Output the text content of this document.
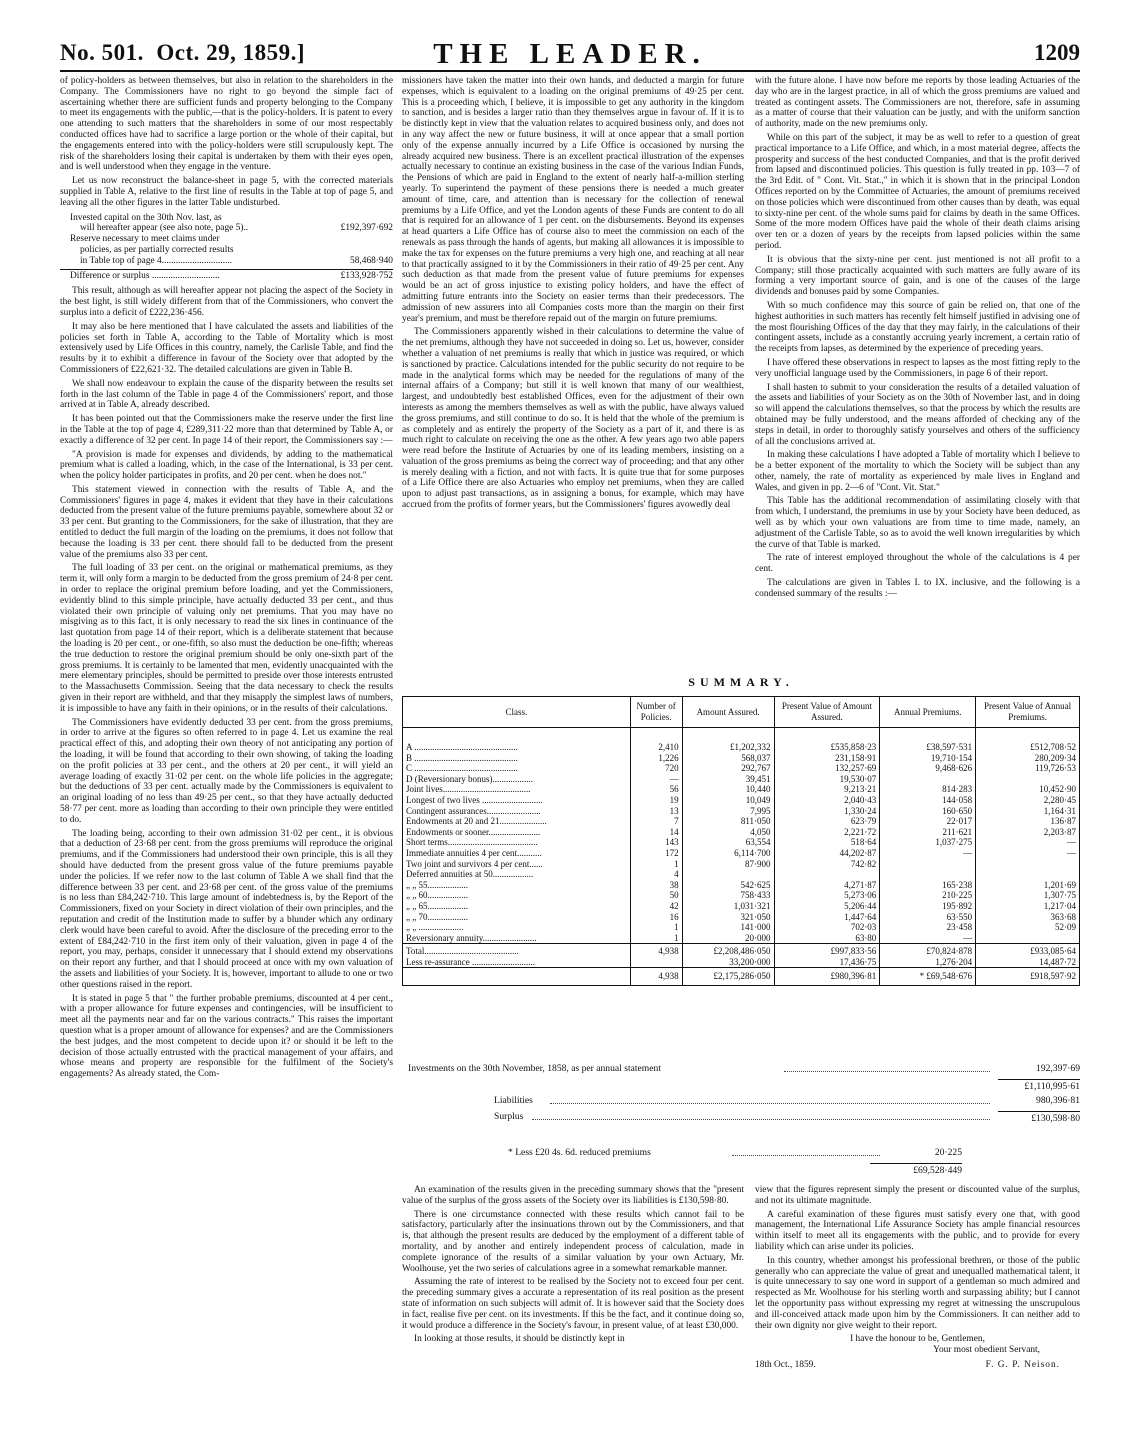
No. 501. Oct. 29, 1859.]	THE LEADER.	1209

of policy-holders as between themselves, but also in relation to the shareholders in the Company. The Commissioners have no right to go beyond the simple fact of ascertaining whether there are sufficient funds and property belonging to the Company to meet its engagements with the public,—that is the policy-holders. It is patent to every one attending to such matters that the shareholders in some of our most respectably conducted offices have had to sacrifice a large portion or the whole of their capital, but the engagements entered into with the policy-holders were still scrupulously kept. The risk of the shareholders losing their capital is undertaken by them with their eyes open, and is well understood when they engage in the venture.

Let us now reconstruct the balance-sheet in page 5, with the corrected materials supplied in Table A, relative to the first line of results in the Table at top of page 5, and leaving all the other figures in the latter Table undisturbed.

Invested capital on the 30th Nov. last, as
will hereafter appear (see also note, page 5)..	£192,397·692
Reserve necessary to meet claims under
policies, as per partially corrected results
in Table top of page 4..............................	58,468·940
Difference or surplus .............................	£133,928·752

This result, although as will hereafter appear not placing the aspect of the Society in the best light, is still widely different from that of the Commissioners, who convert the surplus into a deficit of £222,236·456.

It may also be here mentioned that I have calculated the assets and liabilities of the policies set forth in Table A, according to the Table of Mortality which is most extensively used by Life Offices in this country, namely, the Carlisle Table, and find the results by it to exhibit a difference in favour of the Society over that adopted by the Commissioners of £22,621·32. The detailed calculations are given in Table B.

We shall now endeavour to explain the cause of the disparity between the results set forth in the last column of the Table in page 4 of the Commissioners' report, and those arrived at in Table A, already described.

It has been pointed out that the Commissioners make the reserve under the first line in the Table at the top of page 4, £289,311·22 more than that determined by Table A, or exactly a difference of 32 per cent. In page 14 of their report, the Commissioners say :—

"A provision is made for expenses and dividends, by adding to the mathematical premium what is called a loading, which, in the case of the International, is 33 per cent. when the policy holder participates in profits, and 20 per cent. when he does not."

This statement viewed in connection with the results of Table A, and the Commissioners' figures in page 4, makes it evident that they have in their calculations deducted from the present value of the future premiums payable, somewhere about 32 or 33 per cent. But granting to the Commissioners, for the sake of illustration, that they are entitled to deduct the full margin of the loading on the premiums, it does not follow that because the loading is 33 per cent. there should fall to be deducted from the present value of the premiums also 33 per cent.

The full loading of 33 per cent. on the original or mathematical premiums, as they term it, will only form a margin to be deducted from the gross premium of 24·8 per cent. in order to replace the original premium before loading, and yet the Commissioners, evidently blind to this simple principle, have actually deducted 33 per cent., and thus violated their own principle of valuing only net premiums. That you may have no misgiving as to this fact, it is only necessary to read the six lines in continuance of the last quotation from page 14 of their report, which is a deliberate statement that because the loading is 20 per cent., or one-fifth, so also must the deduction be one-fifth; whereas the true deduction to restore the original premium should be only one-sixth part of the gross premiums. It is certainly to be lamented that men, evidently unacquainted with the mere elementary principles, should be permitted to preside over those interests entrusted to the Massachusetts Commission. Seeing that the data necessary to check the results given in their report are withheld, and that they misapply the simplest laws of numbers, it is impossible to have any faith in their opinions, or in the results of their calculations.

The Commissioners have evidently deducted 33 per cent. from the gross premiums, in order to arrive at the figures so often referred to in page 4. Let us examine the real practical effect of this, and adopting their own theory of not anticipating any portion of the loading, it will be found that according to their own showing, of taking the loading on the profit policies at 33 per cent., and the others at 20 per cent., it will yield an average loading of exactly 31·02 per cent. on the whole life policies in the aggregate; but the deductions of 33 per cent. actually made by the Commissioners is equivalent to an original loading of no less than 49·25 per cent., so that they have actually deducted 58·77 per cent. more as loading than according to their own principle they were entitled to do.

The loading being, according to their own admission 31·02 per cent., it is obvious that a deduction of 23·68 per cent. from the gross premiums will reproduce the original premiums, and if the Commissioners had understood their own principle, this is all they should have deducted from the present gross value of the future premiums payable under the policies. If we refer now to the last column of Table A we shall find that the difference between 33 per cent. and 23·68 per cent. of the gross value of the premiums is no less than £84,242·710. This large amount of indebtedness is, by the Report of the Commissioners, fixed on your Society in direct violation of their own principles, and the reputation and credit of the Institution made to suffer by a blunder which any ordinary clerk would have been careful to avoid. After the disclosure of the preceding error to the extent of £84,242·710 in the first item only of their valuation, given in page 4 of the report, you may, perhaps, consider it unnecessary that I should extend my observations on their report any further, and that I should proceed at once with my own valuation of the assets and liabilities of your Society. It is, however, important to allude to one or two other questions raised in the report.

It is stated in page 5 that " the further probable premiums, discounted at 4 per cent., with a proper allowance for future expenses and contingencies, will be insufficient to meet all the payments near and far on the various contracts." This raises the important question what is a proper amount of allowance for expenses? and are the Commissioners the best judges, and the most competent to decide upon it? or should it be left to the decision of those actually entrusted with the practical management of your affairs, and whose means and property are responsible for the fulfilment of the Society's engagements? As already stated, the Com-

missioners have taken the matter into their own hands, and deducted a margin for future expenses, which is equivalent to a loading on the original premiums of 49·25 per cent. This is a proceeding which, I believe, it is impossible to get any authority in the kingdom to sanction, and is besides a larger ratio than they themselves argue in favour of. If it is to be distinctly kept in view that the valuation relates to acquired business only, and does not in any way affect the new or future business, it will at once appear that a small portion only of the expense annually incurred by a Life Office is occasioned by nursing the already acquired new business. There is an excellent practical illustration of the expenses actually necessary to continue an existing business in the case of the various Indian Funds, the Pensions of which are paid in England to the extent of nearly half-a-million sterling yearly. To superintend the payment of these pensions there is needed a much greater amount of time, care, and attention than is necessary for the collection of renewal premiums by a Life Office, and yet the London agents of these Funds are content to do all that is required for an allowance of 1 per cent. on the disbursements. Beyond its expenses at head quarters a Life Office has of course also to meet the commission on each of the renewals as pass through the hands of agents, but making all allowances it is impossible to make the tax for expenses on the future premiums a very high one, and reaching at all near to that practically assigned to it by the Commissioners in their ratio of 49·25 per cent. Any such deduction as that made from the present value of future premiums for expenses would be an act of gross injustice to existing policy holders, and have the effect of admitting future entrants into the Society on easier terms than their predecessors. The admission of new assurers into all Companies costs more than the margin on their first year's premium, and must be therefore repaid out of the margin on future premiums.

The Commissioners apparently wished in their calculations to determine the value of the net premiums, although they have not succeeded in doing so. Let us, however, consider whether a valuation of net premiums is really that which in justice was required, or which is sanctioned by practice. Calculations intended for the public security do not require to be made in the analytical forms which may be needed for the regulations of many of the internal affairs of a Company; but still it is well known that many of our wealthiest, largest, and undoubtedly best established Offices, even for the adjustment of their own interests as among the members themselves as well as with the public, have always valued the gross premiums, and still continue to do so. It is held that the whole of the premium is as completely and as entirely the property of the Society as a part of it, and there is as much right to calculate on receiving the one as the other. A few years ago two able papers were read before the Institute of Actuaries by one of its leading members, insisting on a valuation of the gross premiums as being the correct way of proceeding; and that any other is merely dealing with a fiction, and not with facts. It is quite true that for some purposes of a Life Office there are also Actuaries who employ net premiums, when they are called upon to adjust past transactions, as in assigning a bonus, for example, which may have accrued from the profits of former years, but the Commissioners' figures avowedly deal

with the future alone. I have now before me reports by those leading Actuaries of the day who are in the largest practice, in all of which the gross premiums are valued and treated as contingent assets. The Commissioners are not, therefore, safe in assuming as a matter of course that their valuation can be justly, and with the uniform sanction of authority, made on the new premiums only.

While on this part of the subject, it may be as well to refer to a question of great practical importance to a Life Office, and which, in a most material degree, affects the prosperity and success of the best conducted Companies, and that is the profit derived from lapsed and discontinued policies. This question is fully treated in pp. 103—7 of the 3rd Edit. of " Cont. Vit. Stat.," in which it is shown that in the principal London Offices reported on by the Committee of Actuaries, the amount of premiums received on those policies which were discontinued from other causes than by death, was equal to sixty-nine per cent. of the whole sums paid for claims by death in the same Offices. Some of the more modern Offices have paid the whole of their death claims arising over ten or a dozen of years by the receipts from lapsed policies within the same period.

It is obvious that the sixty-nine per cent. just mentioned is not all profit to a Company; still those practically acquainted with such matters are fully aware of its forming a very important source of gain, and is one of the causes of the large dividends and bonuses paid by some Companies.

With so much confidence may this source of gain be relied on, that one of the highest authorities in such matters has recently felt himself justified in advising one of the most flourishing Offices of the day that they may fairly, in the calculations of their contingent assets, include as a constantly accruing yearly increment, a certain ratio of the receipts from lapses, as determined by the experience of preceding years.

I have offered these observations in respect to lapses as the most fitting reply to the very unofficial language used by the Commissioners, in page 6 of their report.

I shall hasten to submit to your consideration the results of a detailed valuation of the assets and liabilities of your Society as on the 30th of November last, and in doing so will append the calculations themselves, so that the process by which the results are obtained may be fully understood, and the means afforded of checking any of the steps in detail, in order to thoroughly satisfy yourselves and others of the sufficiency of all the conclusions arrived at.

In making these calculations I have adopted a Table of mortality which I believe to be a better exponent of the mortality to which the Society will be subject than any other, namely, the rate of mortality as experienced by male lives in England and Wales, and given in pp. 2—6 of "Cont. Vit. Stat."

This Table has the additional recommendation of assimilating closely with that from which, I understand, the premiums in use by your Society have been deduced, as well as by which your own valuations are from time to time made, namely, an adjustment of the Carlisle Table, so as to avoid the well known irregularities by which the curve of that Table is marked.

The rate of interest employed throughout the whole of the calculations is 4 per cent.

The calculations are given in Tables I. to IX. inclusive, and the following is a condensed summary of the results :—

SUMMARY.
Class.	Number of Policies.	Amount Assured.	Present Value of Amount Assured.	Annual Premiums.	Present Value of Annual Premiums.
A ..............................................	2,410	£1,202,332	£535,858·23	£38,597·531	£512,708·52
B ..............................................	1,226	568,037	231,158·91	19,710·154	280,209·34
C ..............................................	720	292,767	132,257·69	9,468·626	119,726·53
D (Reversionary bonus)..................	—	39,451	19,530·07		
Joint lives.......................................	56	10,440	9,213·21	814·283	10,452·90
Longest of two lives ...........................	19	10,049	2,040·43	144·058	2,280·45
Contingent assurances........................	13	7,995	1,330·24	160·650	1,164·31
Endowments at 20 and 21.....................	7	811·050	623·79	22·017	136·87
Endowments or sooner.......................	14	4,050	2,221·72	211·621	2,203·87
Short terms........................................	143	63,554	518·64	1,037·275	—
Immediate annuities 4 per cent...........	172	6,114·700	44,202·87	—	—
Two joint and survivors 4 per cent......	1	87·900	742·82		
Deferred annuities at 50..................	4				
„ „ 55..................	38	542·625	4,271·87	165·238	1,201·69
„ „ 60..................	50	758·433	5,273·06	210·225	1,307·75
„ „ 65..................	42	1,031·321	5,206·44	195·892	1,217·04
„ „ 70..................	16	321·050	1,447·64	63·550	363·68
„ „ ....................	1	141·000	702·03	23·458	52·09
Reversionary annuity........................	1	20·000	63·80	—	
Total..........................................	4,938	£2,208,486·050	£997,833·56	£70,824·878	£933,085·64
Less re-assurance ............................		33,200·000	17,436·75	1,276·204	14,487·72
	4,938	£2,175,286·050	£980,396·81	* £69,548·676	£918,597·92
Investments on the 30th November, 1858, as per annual statement	192,397·69
£1,110,995·61
Liabilities	980,396·81
Surplus	£130,598·80
* Less £20 4s. 6d. reduced premiums	20·225
£69,528·449

An examination of the results given in the preceding summary shows that the "present value of the surplus of the gross assets of the Society over its liabilities is £130,598·80.

There is one circumstance connected with these results which cannot fail to be satisfactory, particularly after the insinuations thrown out by the Commissioners, and that is, that although the present results are deduced by the employment of a different table of mortality, and by another and entirely independent process of calculation, made in complete ignorance of the results of a similar valuation by your own Actuary, Mr. Woolhouse, yet the two series of calculations agree in a somewhat remarkable manner.

Assuming the rate of interest to be realised by the Society not to exceed four per cent. the preceding summary gives a accurate a representation of its real position as the present state of information on such subjects will admit of. It is however said that the Society does in fact, realise five per cent. on its investments. If this be the fact, and it continue doing so, it would produce a difference in the Society's favour, in present value, of at least £30,000.

In looking at those results, it should be distinctly kept in

view that the figures represent simply the present or discounted value of the surplus, and not its ultimate magnitude.

A careful examination of these figures must satisfy every one that, with good management, the International Life Assurance Society has ample financial resources within itself to meet all its engagements with the public, and to provide for every liability which can arise under its policies.

In this country, whether amongst his professional brethren, or those of the public generally who can appreciate the value of great and unequalled mathematical talent, it is quite unnecessary to say one word in support of a gentleman so much admired and respected as Mr. Woolhouse for his sterling worth and surpassing ability; but I cannot let the opportunity pass without expressing my regret at witnessing the unscrupulous and ill-conceived attack made upon him by the Commissioners. It can neither add to their own dignity nor give weight to their report.

I have the honour to be, Gentlemen,
Your most obedient Servant,
18th Oct., 1859.	F. G. P. Neison.
